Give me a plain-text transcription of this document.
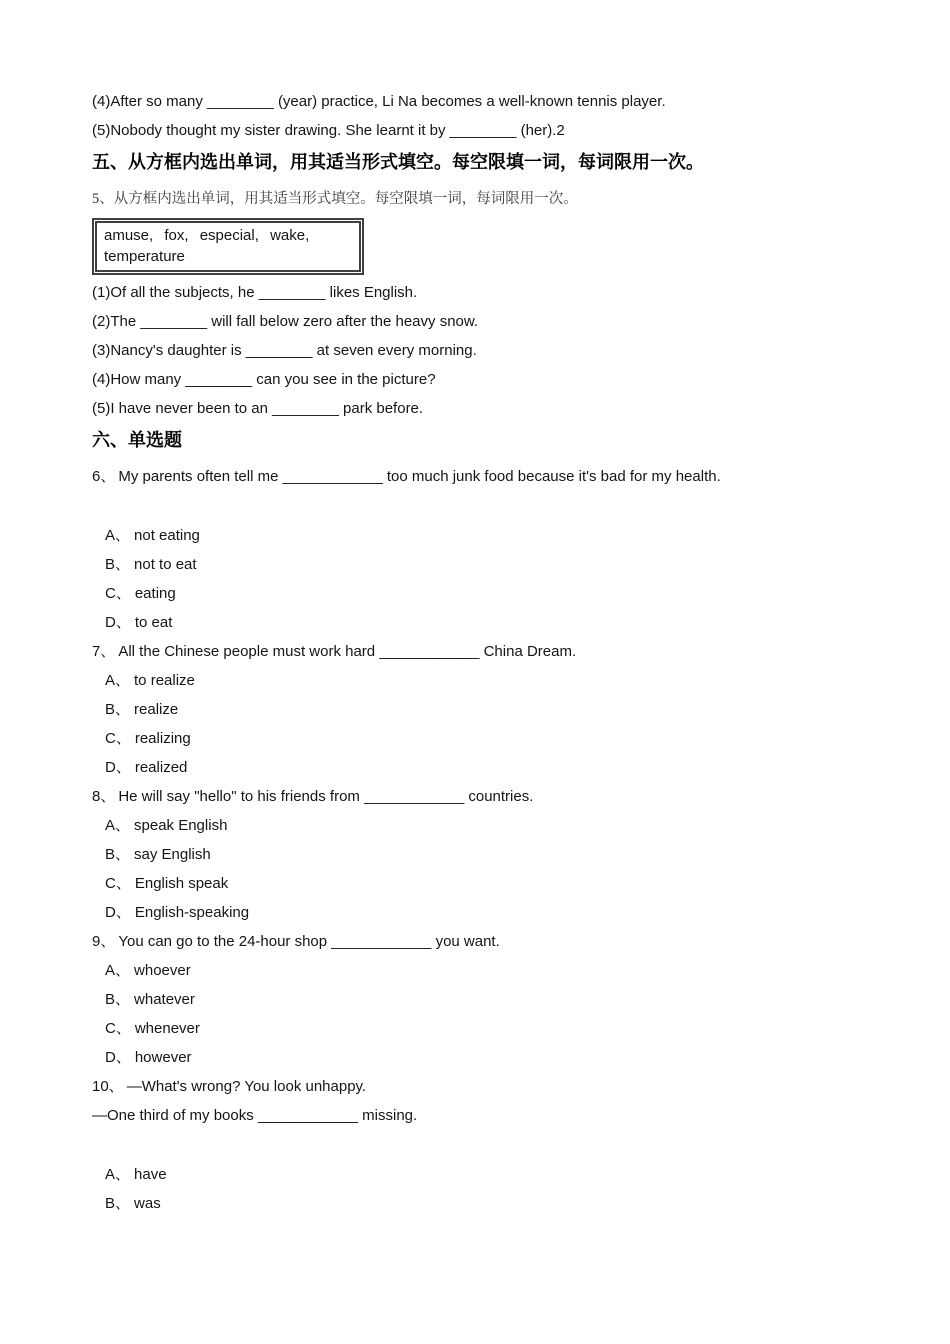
(4)After so many ________ (year) practice, Li Na becomes a well-known tennis player.

(5)Nobody thought my sister drawing. She learnt it by ________ (her).2

五、从方框内选出单词，用其适当形式填空。每空限填一词，每词限用一次。

5、从方框内选出单词，用其适当形式填空。每空限填一词，每词限用一次。

amuse, fox, especial, wake,

temperature

(1)Of all the subjects, he ________ likes English.

(2)The ________ will fall below zero after the heavy snow.

(3)Nancy's daughter is ________ at seven every morning.

(4)How many ________ can you see in the picture?

(5)I have never been to an ________ park before.

六、单选题

6、 My parents often tell me ____________ too much junk food because it's bad for my health.

A、 not eating

B、 not to eat

C、 eating

D、 to eat

7、 All the Chinese people must work hard ____________ China Dream.

A、 to realize

B、 realize

C、 realizing

D、 realized

8、 He will say "hello" to his friends from ____________ countries.

A、 speak English

B、 say English

C、 English speak

D、 English-speaking

9、 You can go to the 24-hour shop ____________ you want.

A、 whoever

B、 whatever

C、 whenever

D、 however

10、 —What's wrong? You look unhappy.

—One third of my books ____________ missing.

A、 have

B、 was
